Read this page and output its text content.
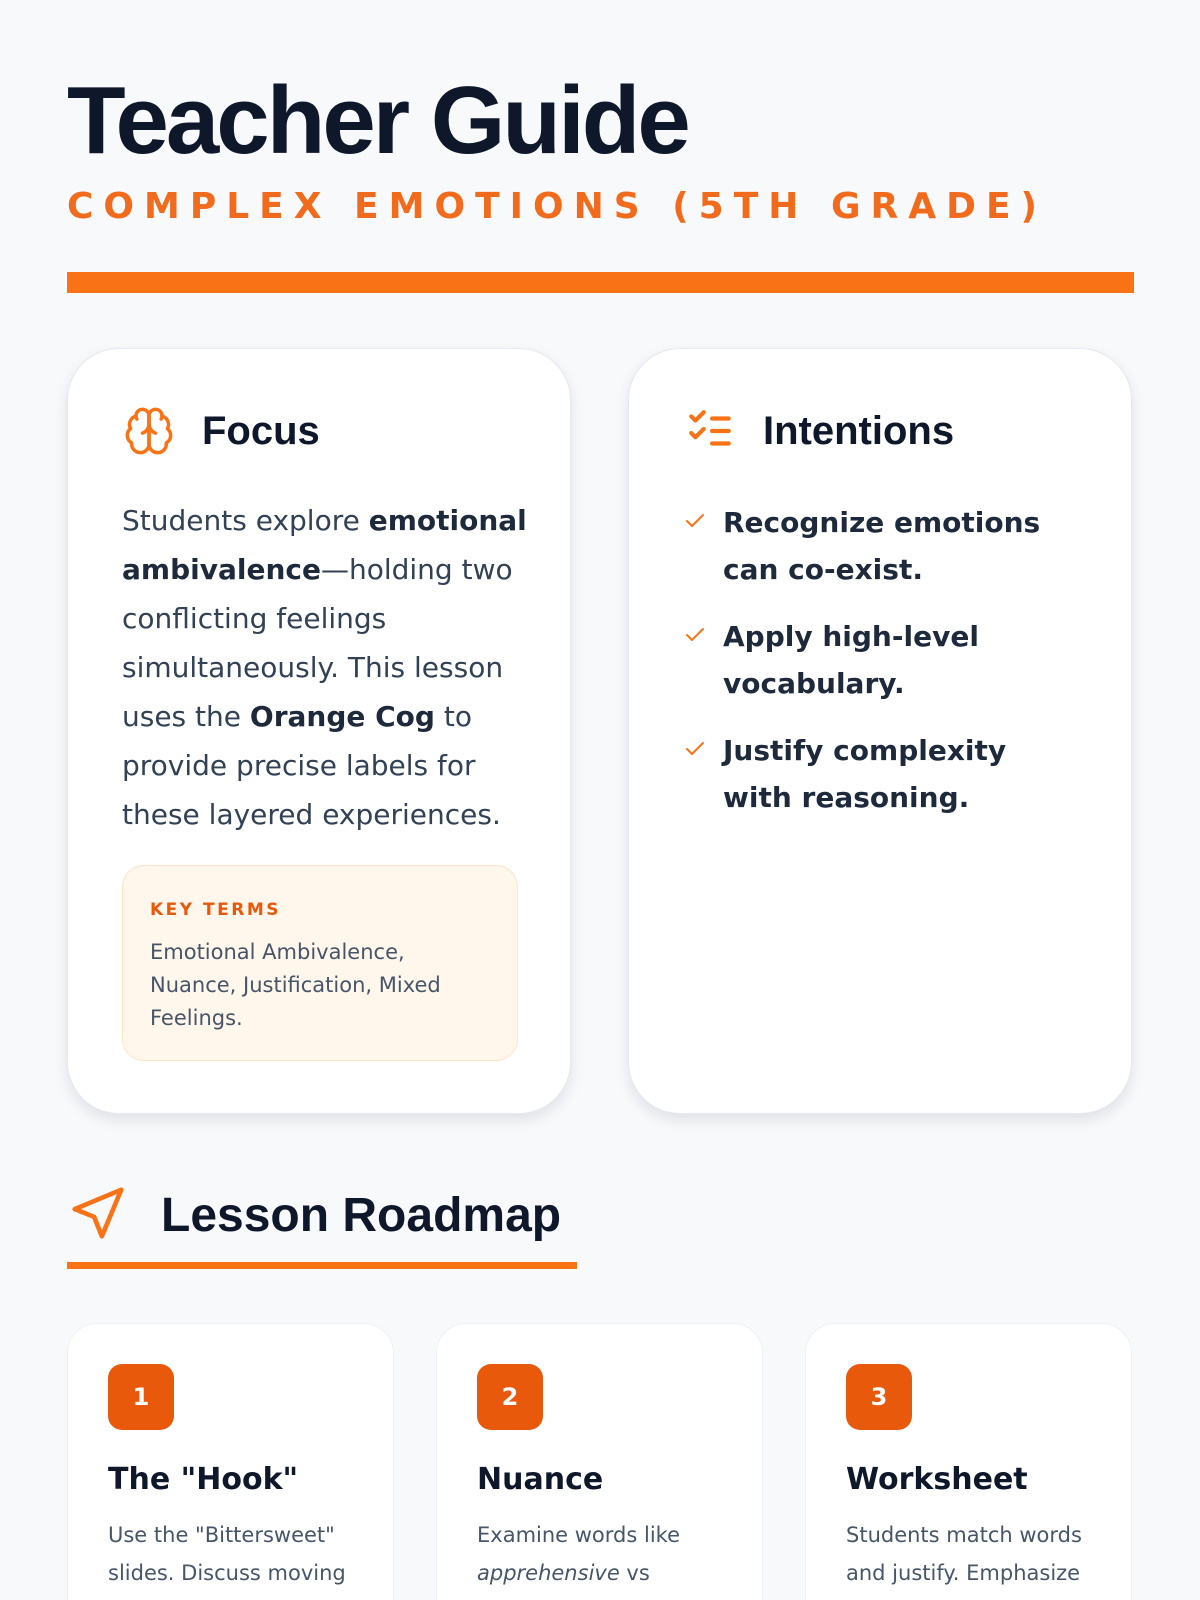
Teacher Guide
COMPLEX EMOTIONS (5TH GRADE)
Focus

Students explore emotional ambivalence—holding two conflicting feelings simultaneously. This lesson uses the Orange Cog to provide precise labels for these layered experiences.

KEY TERMS
Emotional Ambivalence, Nuance, Justification, Mixed Feelings.
Intentions
Recognize emotions can co-exist.
Apply high-level vocabulary.
Justify complexity with reasoning.
Lesson Roadmap
1
The "Hook"
Use the "Bittersweet" slides. Discuss moving
2
Nuance
Examine words like apprehensive vs
3
Worksheet
Students match words and justify. Emphasize
